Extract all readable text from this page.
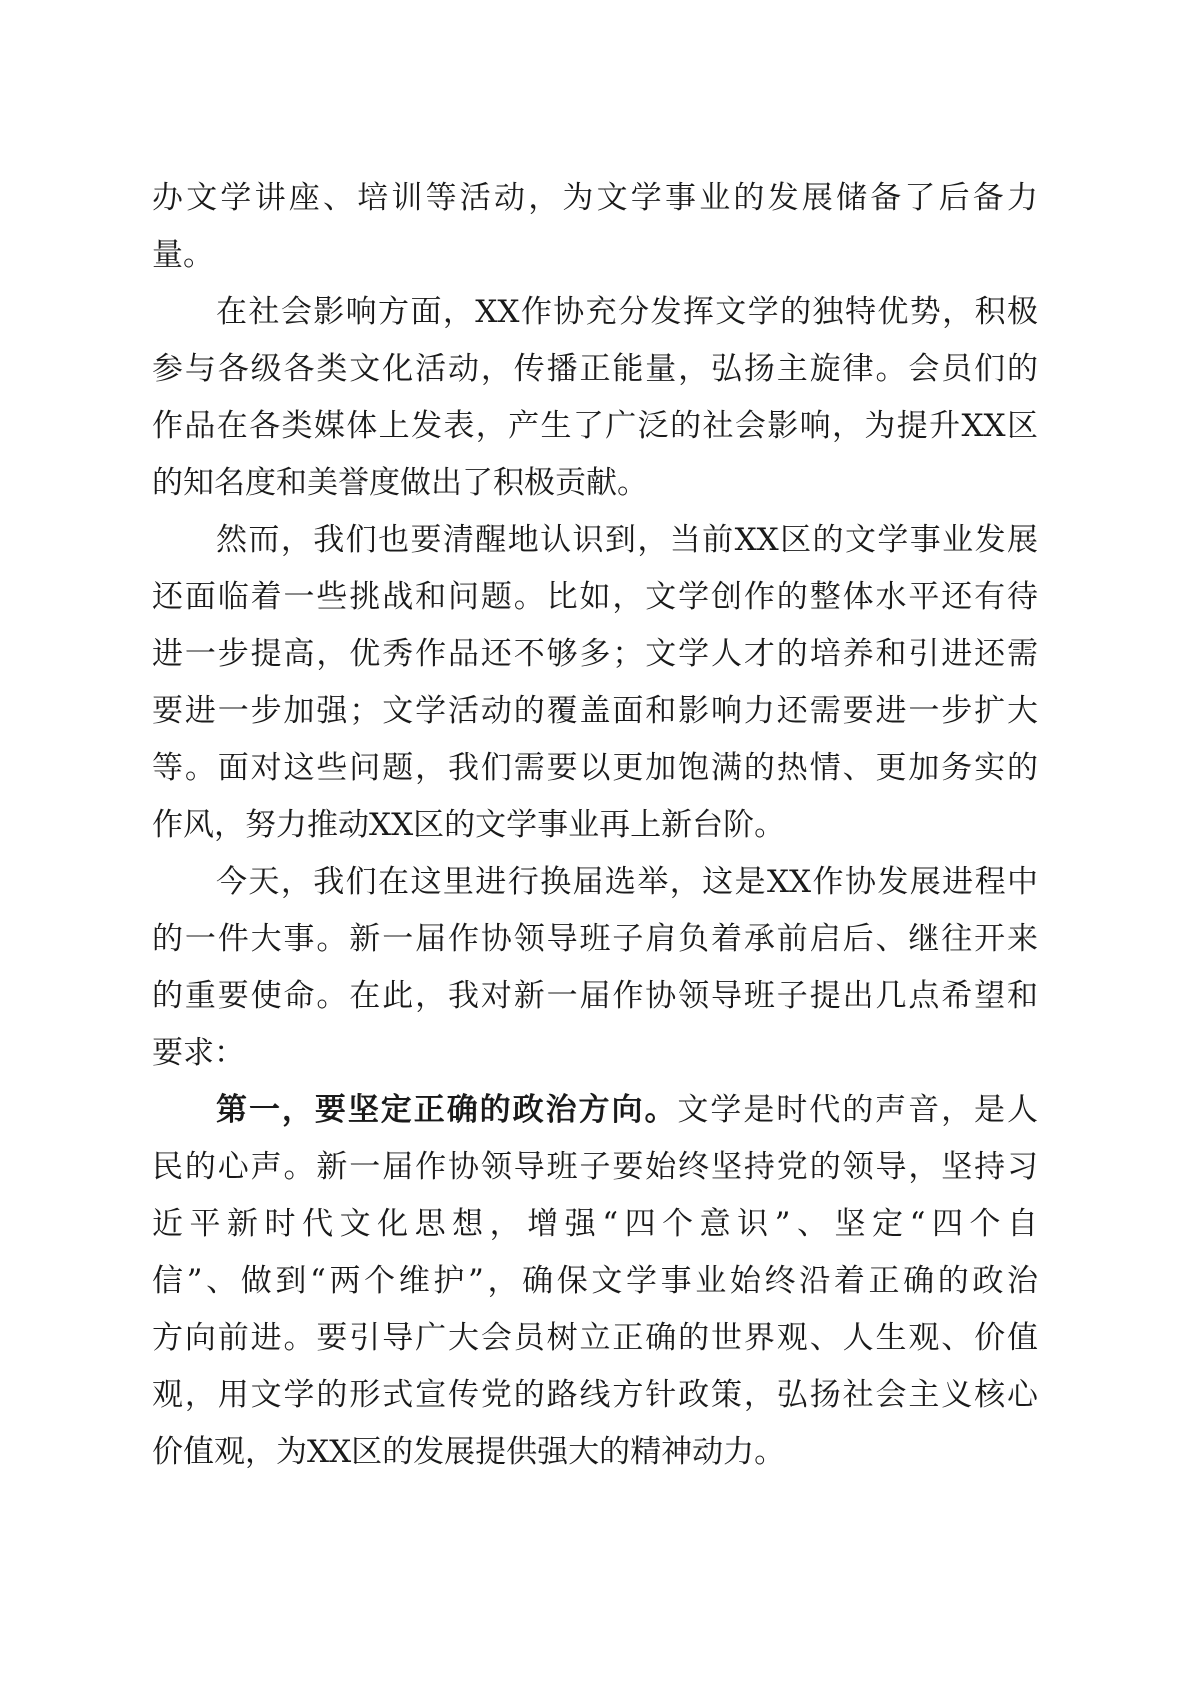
办文学讲座、培训等活动，为文学事业的发展储备了后备力
量。
在社会影响方面，XX作协充分发挥文学的独特优势，积极
参与各级各类文化活动，传播正能量，弘扬主旋律。会员们的
作品在各类媒体上发表，产生了广泛的社会影响，为提升XX区
的知名度和美誉度做出了积极贡献。
然而，我们也要清醒地认识到，当前XX区的文学事业发展
还面临着一些挑战和问题。比如，文学创作的整体水平还有待
进一步提高，优秀作品还不够多；文学人才的培养和引进还需
要进一步加强；文学活动的覆盖面和影响力还需要进一步扩大
等。面对这些问题，我们需要以更加饱满的热情、更加务实的
作风，努力推动XX区的文学事业再上新台阶。
今天，我们在这里进行换届选举，这是XX作协发展进程中
的一件大事。新一届作协领导班子肩负着承前启后、继往开来
的重要使命。在此，我对新一届作协领导班子提出几点希望和
要求：
第一，要坚定正确的政治方向。文学是时代的声音，是人
民的心声。新一届作协领导班子要始终坚持党的领导，坚持习
近平新时代文化思想，增强“四个意识”、坚定“四个自
信”、做到“两个维护”，确保文学事业始终沿着正确的政治
方向前进。要引导广大会员树立正确的世界观、人生观、价值
观，用文学的形式宣传党的路线方针政策，弘扬社会主义核心
价值观，为XX区的发展提供强大的精神动力。
